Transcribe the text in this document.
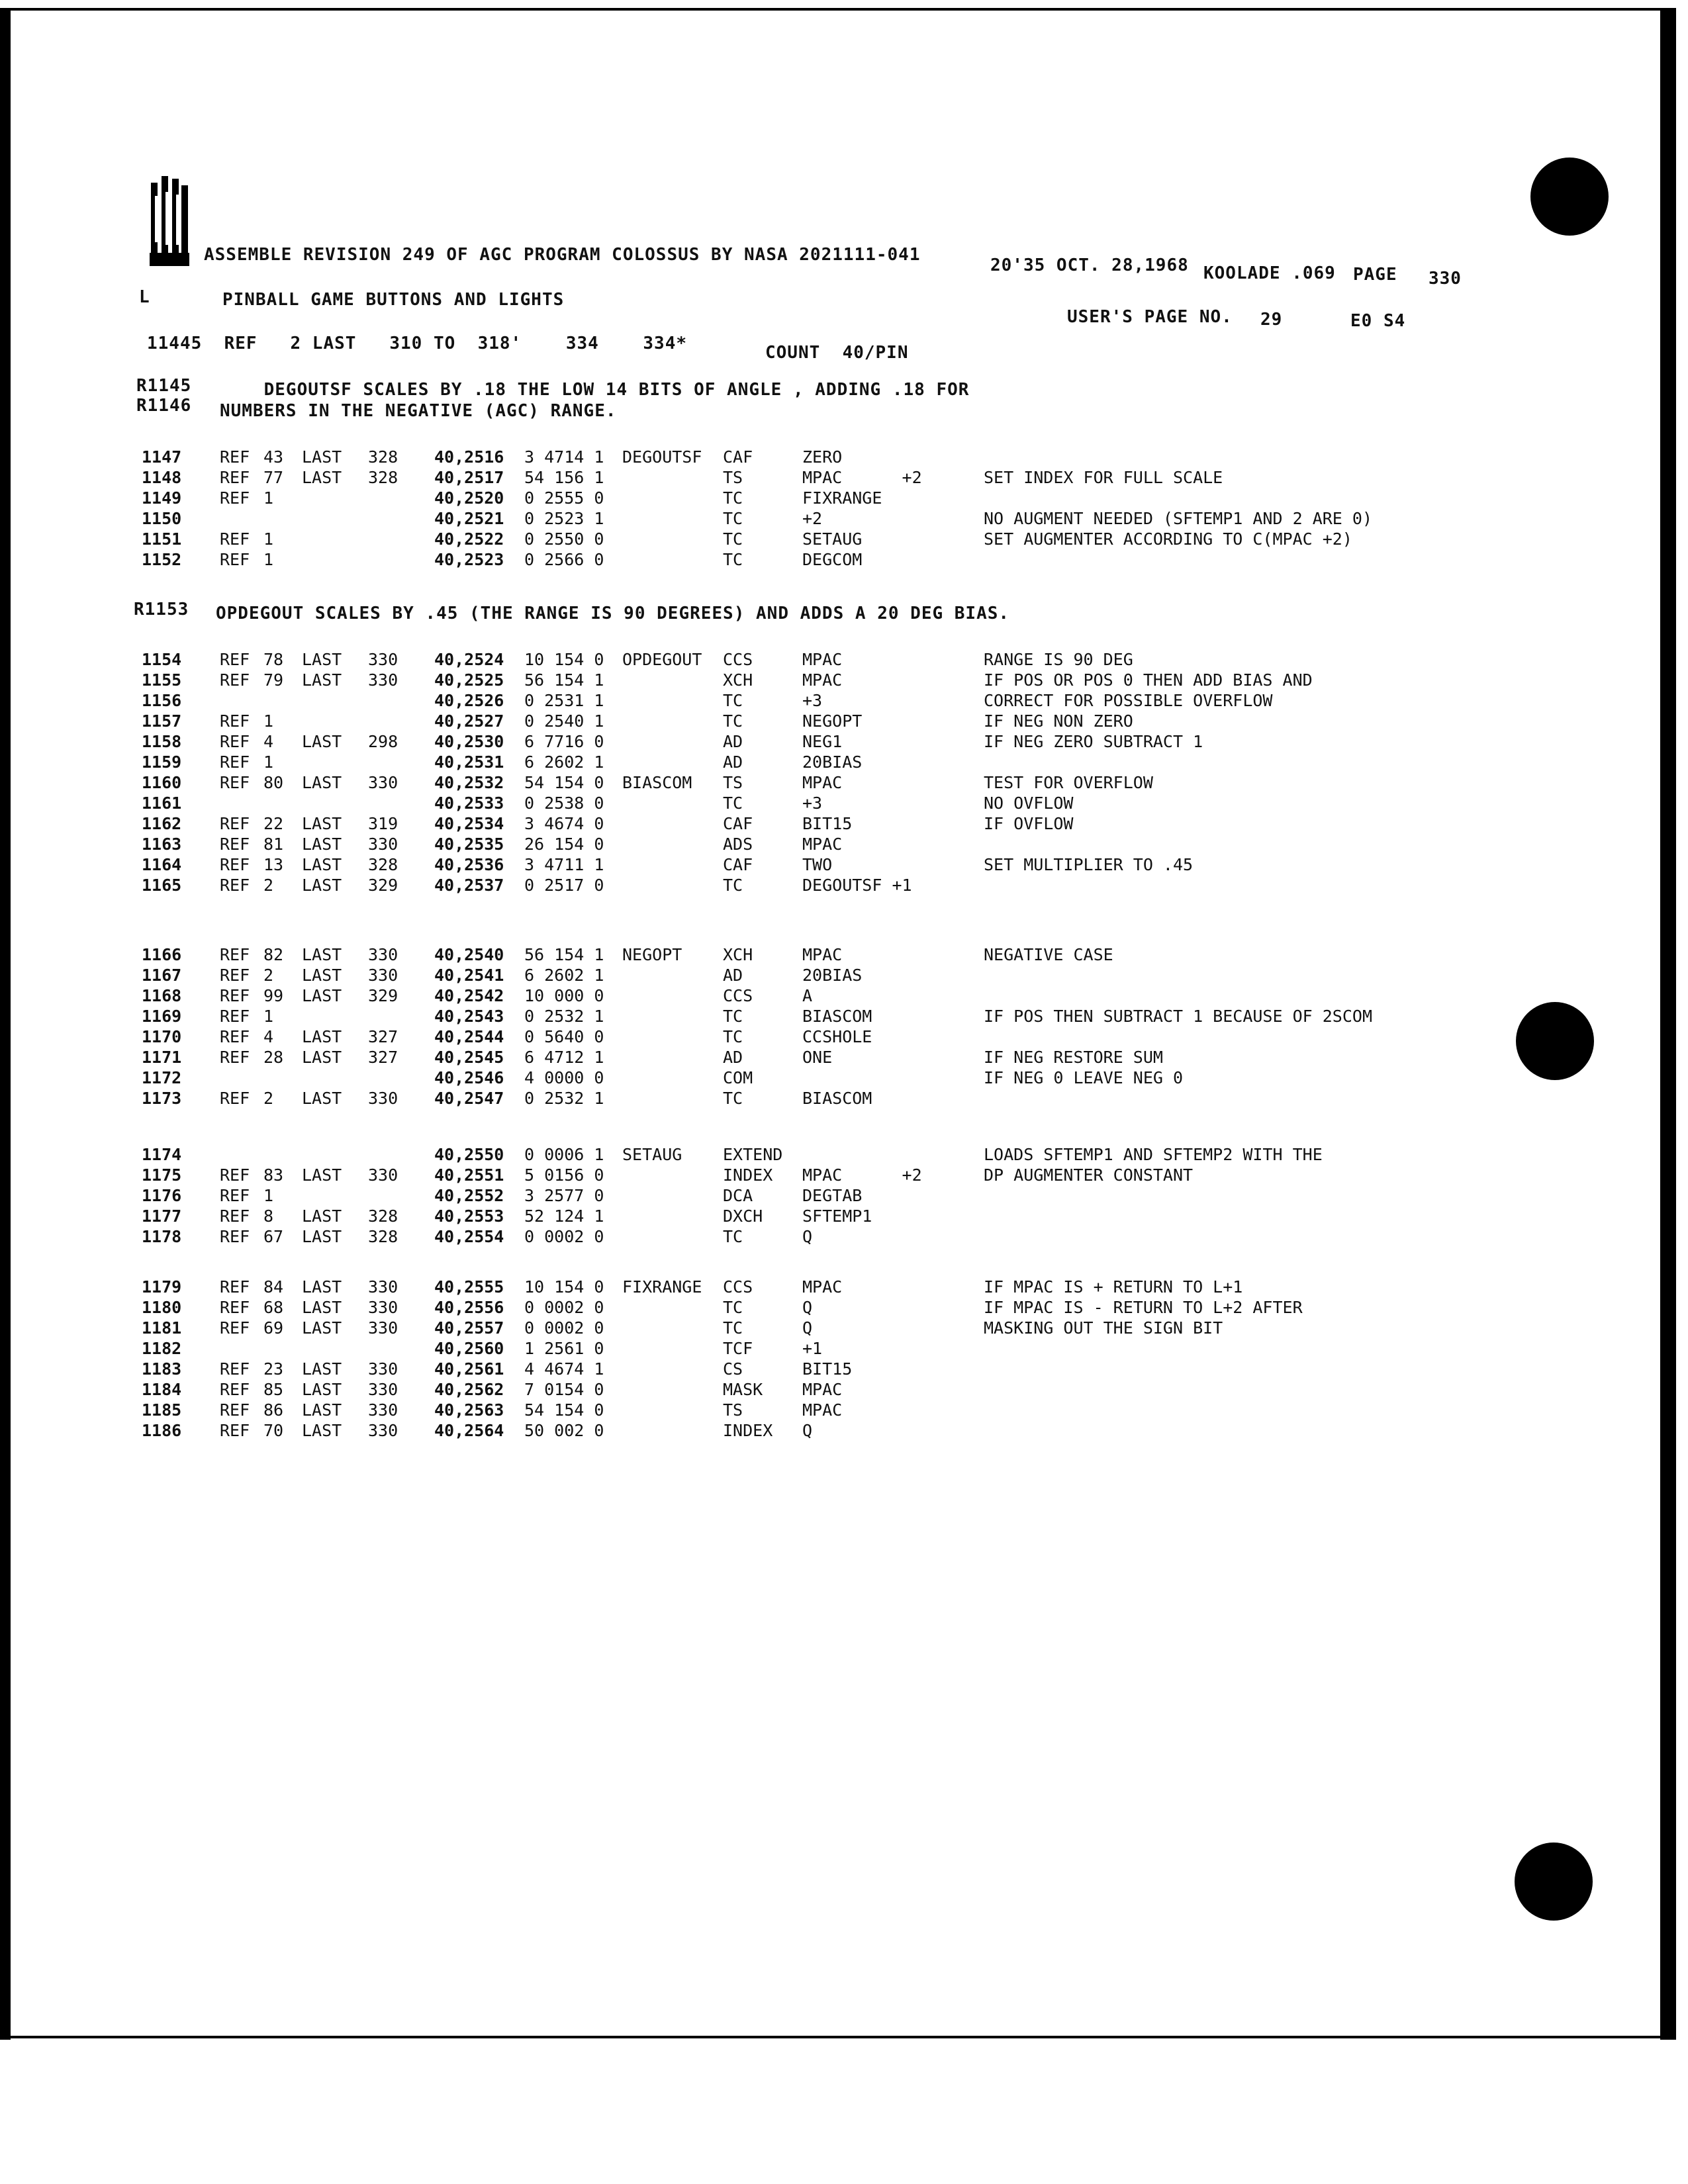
ASSEMBLE REVISION 249 OF AGC PROGRAM COLOSSUS BY NASA 2021111-041
20'35 OCT. 28,1968 KOOLADE .069 PAGE 330
L	PINBALL GAME BUTTONS AND LIGHTS
USER'S PAGE NO. 29	E0 S4
11445  REF   2 LAST   310 TO  318'    334    334*	COUNT  40/PIN
R1145 DEGOUTSF SCALES BY .18 THE LOW 14 BITS OF ANGLE , ADDING .18 FOR
R1146 NUMBERS IN THE NEGATIVE (AGC) RANGE.
1147 REF 43 LAST 328 40,2516 3 4714 1 DEGOUTSF CAF	ZERO
1148 REF 77 LAST 328 40,2517 54 156 1	TS	MPAC      +2	SET INDEX FOR FULL SCALE
1149 REF 1	40,2520 0 2555 0	TC	FIXRANGE
1150	40,2521 0 2523 1	TC	+2	NO AUGMENT NEEDED (SFTEMP1 AND 2 ARE 0)
1151 REF 1	40,2522 0 2550 0	TC	SETAUG	SET AUGMENTER ACCORDING TO C(MPAC +2)
1152 REF 1	40,2523 0 2566 0	TC	DEGCOM
R1153 OPDEGOUT SCALES BY .45 (THE RANGE IS 90 DEGREES) AND ADDS A 20 DEG BIAS.
1154 REF 78 LAST 330 40,2524 10 154 0 OPDEGOUT CCS	MPAC	RANGE IS 90 DEG
1155 REF 79 LAST 330 40,2525 56 154 1	XCH	MPAC	IF POS OR POS 0 THEN ADD BIAS AND
1156	40,2526 0 2531 1	TC	+3	CORRECT FOR POSSIBLE OVERFLOW
1157 REF 1	40,2527 0 2540 1	TC	NEGOPT	IF NEG NON ZERO
1158 REF 4 LAST 298 40,2530 6 7716 0	AD	NEG1	IF NEG ZERO SUBTRACT 1
1159 REF 1	40,2531 6 2602 1	AD	20BIAS
1160 REF 80 LAST 330 40,2532 54 154 0 BIASCOM TS	MPAC	TEST FOR OVERFLOW
1161	40,2533 0 2538 0	TC	+3	NO OVFLOW
1162 REF 22 LAST 319 40,2534 3 4674 0	CAF	BIT15	IF OVFLOW
1163 REF 81 LAST 330 40,2535 26 154 0	ADS	MPAC
1164 REF 13 LAST 328 40,2536 3 4711 1	CAF	TWO	SET MULTIPLIER TO .45
1165 REF 2 LAST 329 40,2537 0 2517 0	TC	DEGOUTSF +1
1166 REF 82 LAST 330 40,2540 56 154 1 NEGOPT XCH	MPAC	NEGATIVE CASE
1167 REF 2 LAST 330 40,2541 6 2602 1	AD	20BIAS
1168 REF 99 LAST 329 40,2542 10 000 0	CCS	A
1169 REF 1	40,2543 0 2532 1	TC	BIASCOM	IF POS THEN SUBTRACT 1 BECAUSE OF 2SCOM
1170 REF 4 LAST 327 40,2544 0 5640 0	TC	CCSHOLE
1171 REF 28 LAST 327 40,2545 6 4712 1	AD	ONE	IF NEG RESTORE SUM
1172	40,2546 4 0000 0	COM	IF NEG 0 LEAVE NEG 0
1173 REF 2 LAST 330 40,2547 0 2532 1	TC	BIASCOM
1174	40,2550 0 0006 1 SETAUG EXTEND	LOADS SFTEMP1 AND SFTEMP2 WITH THE
1175 REF 83 LAST 330 40,2551 5 0156 0	INDEX MPAC      +2	DP AUGMENTER CONSTANT
1176 REF 1	40,2552 3 2577 0	DCA	DEGTAB
1177 REF 8 LAST 328 40,2553 52 124 1	DXCH SFTEMP1
1178 REF 67 LAST 328 40,2554 0 0002 0	TC	Q
1179 REF 84 LAST 330 40,2555 10 154 0 FIXRANGE CCS	MPAC	IF MPAC IS + RETURN TO L+1
1180 REF 68 LAST 330 40,2556 0 0002 0	TC	Q	IF MPAC IS - RETURN TO L+2 AFTER
1181 REF 69 LAST 330 40,2557 0 0002 0	TC	Q	MASKING OUT THE SIGN BIT
1182	40,2560 1 2561 0	TCF	+1
1183 REF 23 LAST 330 40,2561 4 4674 1	CS	BIT15
1184 REF 85 LAST 330 40,2562 7 0154 0	MASK MPAC
1185 REF 86 LAST 330 40,2563 54 154 0	TS	MPAC
1186 REF 70 LAST 330 40,2564 50 002 0	INDEX Q
